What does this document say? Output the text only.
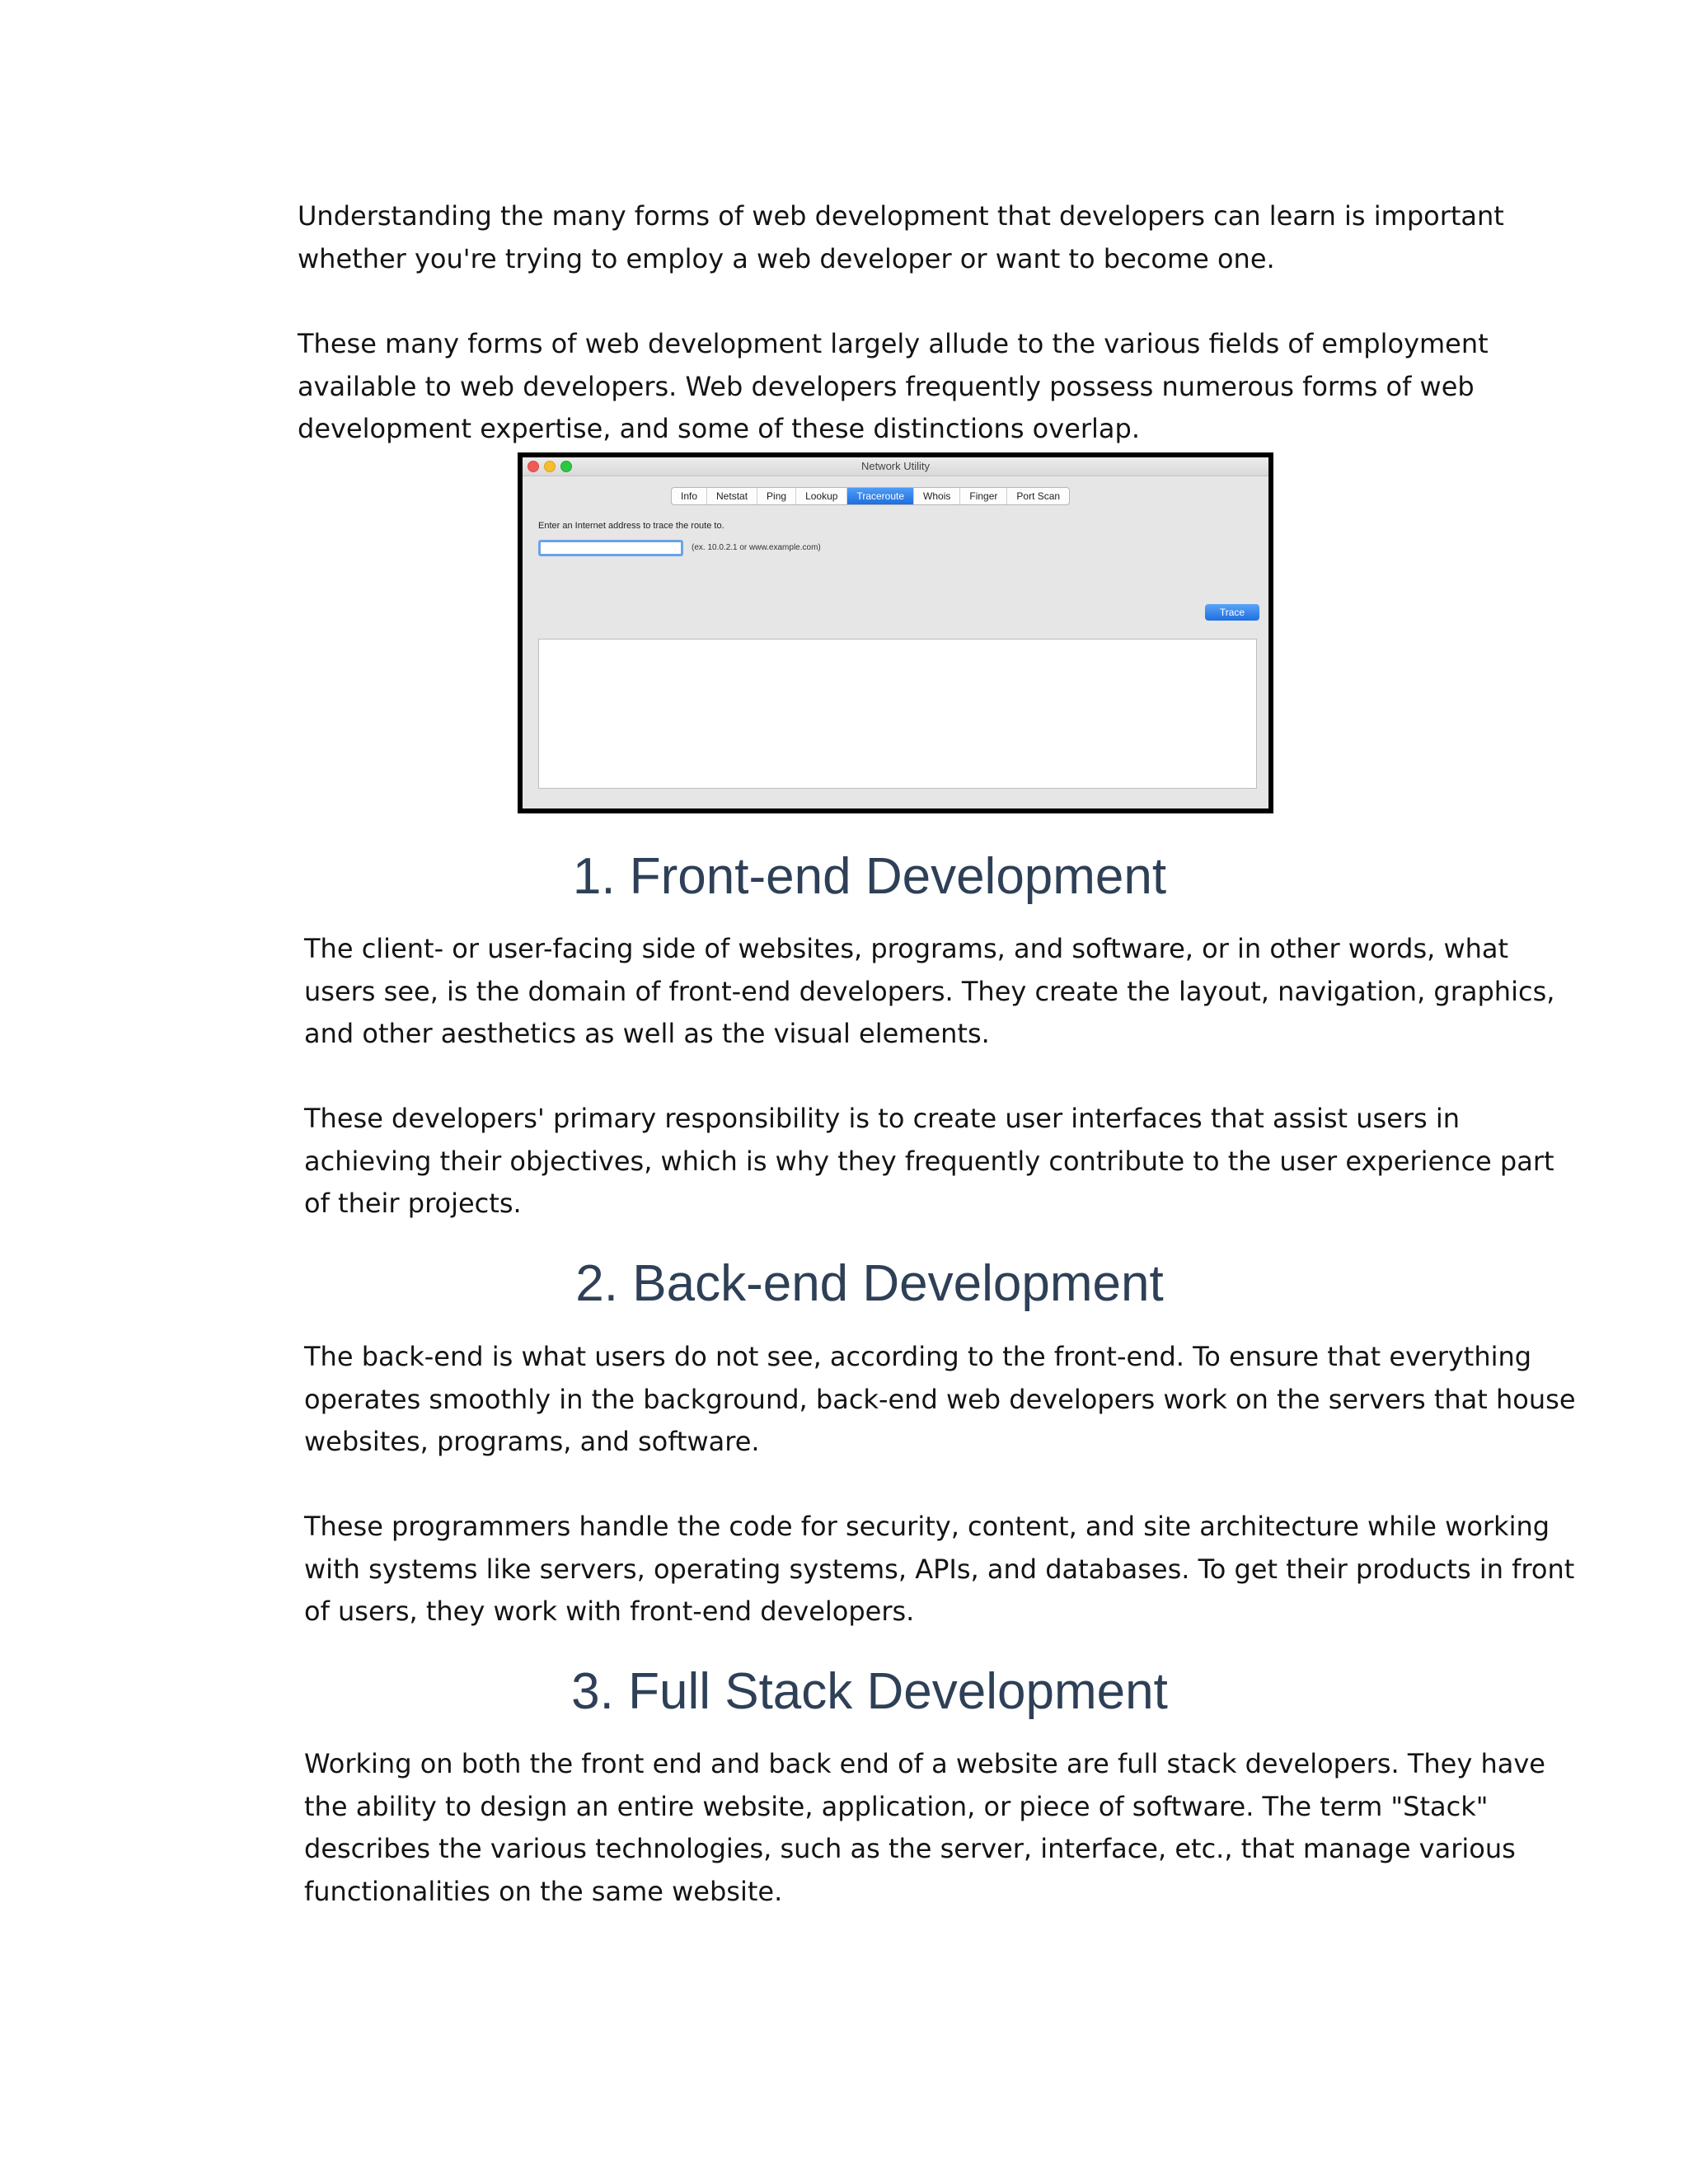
Understanding the many forms of web development that developers can learn is important
whether you're trying to employ a web developer or want to become one.

These many forms of web development largely allude to the various fields of employment
available to web developers. Web developers frequently possess numerous forms of web
development expertise, and some of these distinctions overlap.

Network Utility
Info	Netstat	Ping	Lookup	Traceroute	Whois	Finger	Port Scan
Enter an Internet address to trace the route to.
(ex. 10.0.2.1 or www.example.com)
Trace
1. Front-end Development

The client- or user-facing side of websites, programs, and software, or in other words, what
users see, is the domain of front-end developers. They create the layout, navigation, graphics,
and other aesthetics as well as the visual elements.

These developers' primary responsibility is to create user interfaces that assist users in
achieving their objectives, which is why they frequently contribute to the user experience part
of their projects.

2. Back-end Development

The back-end is what users do not see, according to the front-end. To ensure that everything
operates smoothly in the background, back-end web developers work on the servers that house
websites, programs, and software.

These programmers handle the code for security, content, and site architecture while working
with systems like servers, operating systems, APIs, and databases. To get their products in front
of users, they work with front-end developers.

3. Full Stack Development

Working on both the front end and back end of a website are full stack developers. They have
the ability to design an entire website, application, or piece of software. The term "Stack"
describes the various technologies, such as the server, interface, etc., that manage various
functionalities on the same website.
